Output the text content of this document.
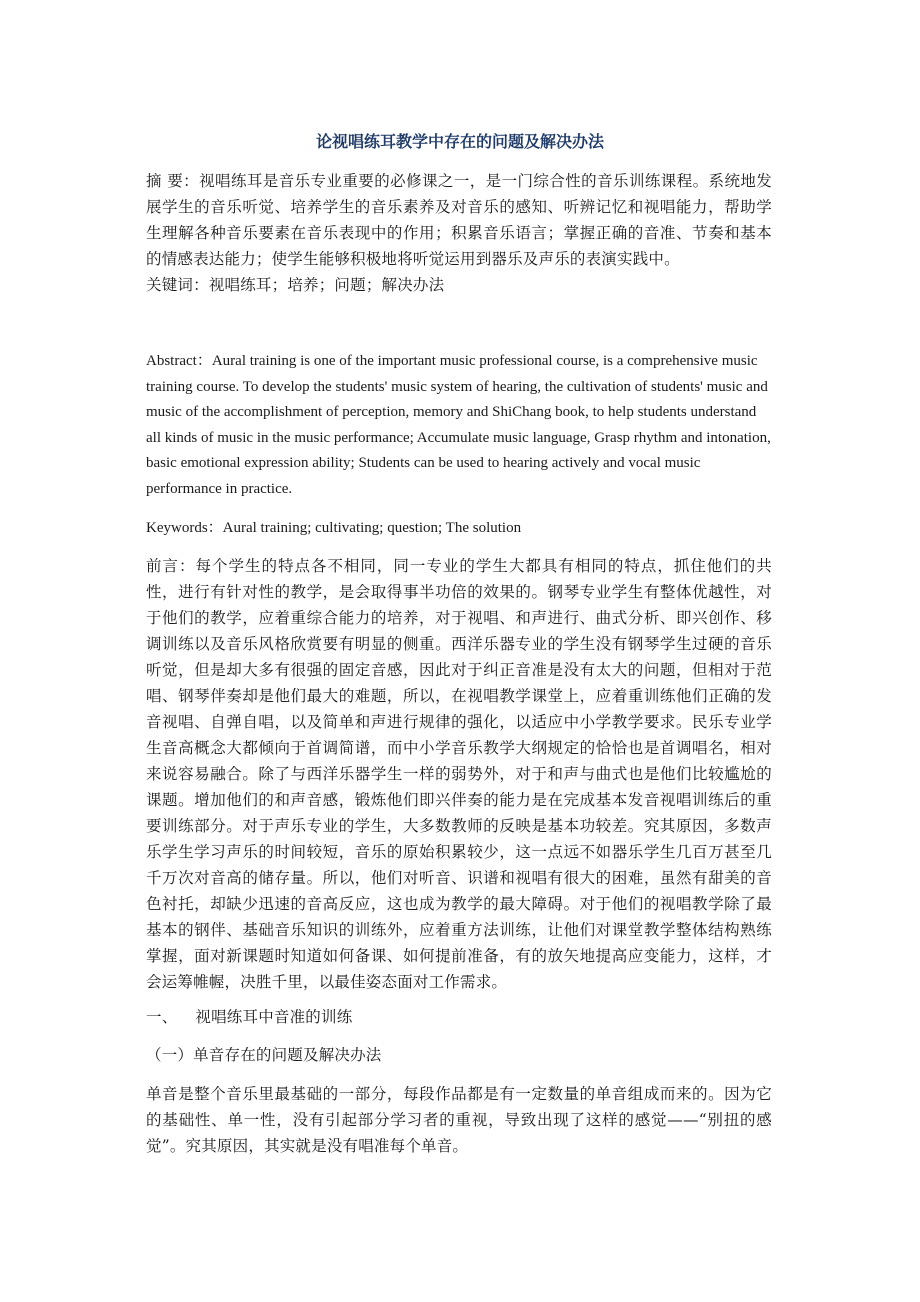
论视唱练耳教学中存在的问题及解决办法

摘 要：视唱练耳是音乐专业重要的必修课之一，是一门综合性的音乐训练课程。系统地发展学生的音乐听觉、培养学生的音乐素养及对音乐的感知、听辨记忆和视唱能力，帮助学生理解各种音乐要素在音乐表现中的作用；积累音乐语言；掌握正确的音准、节奏和基本的情感表达能力；使学生能够积极地将听觉运用到器乐及声乐的表演实践中。

关键词：视唱练耳；培养；问题；解决办法

Abstract：Aural training is one of the important music professional course, is a comprehensive music training course. To develop the students' music system of hearing, the cultivation of students' music and music of the accomplishment of perception, memory and ShiChang book, to help students understand all kinds of music in the music performance; Accumulate music language, Grasp rhythm and intonation, basic emotional expression ability; Students can be used to hearing actively and vocal music performance in practice.

Keywords：Aural training; cultivating; question; The solution

前言：每个学生的特点各不相同，同一专业的学生大都具有相同的特点，抓住他们的共性，进行有针对性的教学，是会取得事半功倍的效果的。钢琴专业学生有整体优越性，对于他们的教学，应着重综合能力的培养，对于视唱、和声进行、曲式分析、即兴创作、移调训练以及音乐风格欣赏要有明显的侧重。西洋乐器专业的学生没有钢琴学生过硬的音乐听觉，但是却大多有很强的固定音感，因此对于纠正音准是没有太大的问题，但相对于范唱、钢琴伴奏却是他们最大的难题，所以，在视唱教学课堂上，应着重训练他们正确的发音视唱、自弹自唱，以及简单和声进行规律的强化，以适应中小学教学要求。民乐专业学生音高概念大都倾向于首调简谱，而中小学音乐教学大纲规定的恰恰也是首调唱名，相对来说容易融合。除了与西洋乐器学生一样的弱势外，对于和声与曲式也是他们比较尴尬的课题。增加他们的和声音感，锻炼他们即兴伴奏的能力是在完成基本发音视唱训练后的重要训练部分。对于声乐专业的学生，大多数教师的反映是基本功较差。究其原因，多数声乐学生学习声乐的时间较短，音乐的原始积累较少，这一点远不如器乐学生几百万甚至几千万次对音高的储存量。所以，他们对听音、识谱和视唱有很大的困难，虽然有甜美的音色衬托，却缺少迅速的音高反应，这也成为教学的最大障碍。对于他们的视唱教学除了最基本的钢伴、基础音乐知识的训练外，应着重方法训练，让他们对课堂教学整体结构熟练掌握，面对新课题时知道如何备课、如何提前准备，有的放矢地提高应变能力，这样，才会运筹帷幄，决胜千里，以最佳姿态面对工作需求。

一、 视唱练耳中音准的训练

（一）单音存在的问题及解决办法

单音是整个音乐里最基础的一部分，每段作品都是有一定数量的单音组成而来的。因为它的基础性、单一性，没有引起部分学习者的重视，导致出现了这样的感觉——“别扭的感觉”。究其原因，其实就是没有唱准每个单音。
